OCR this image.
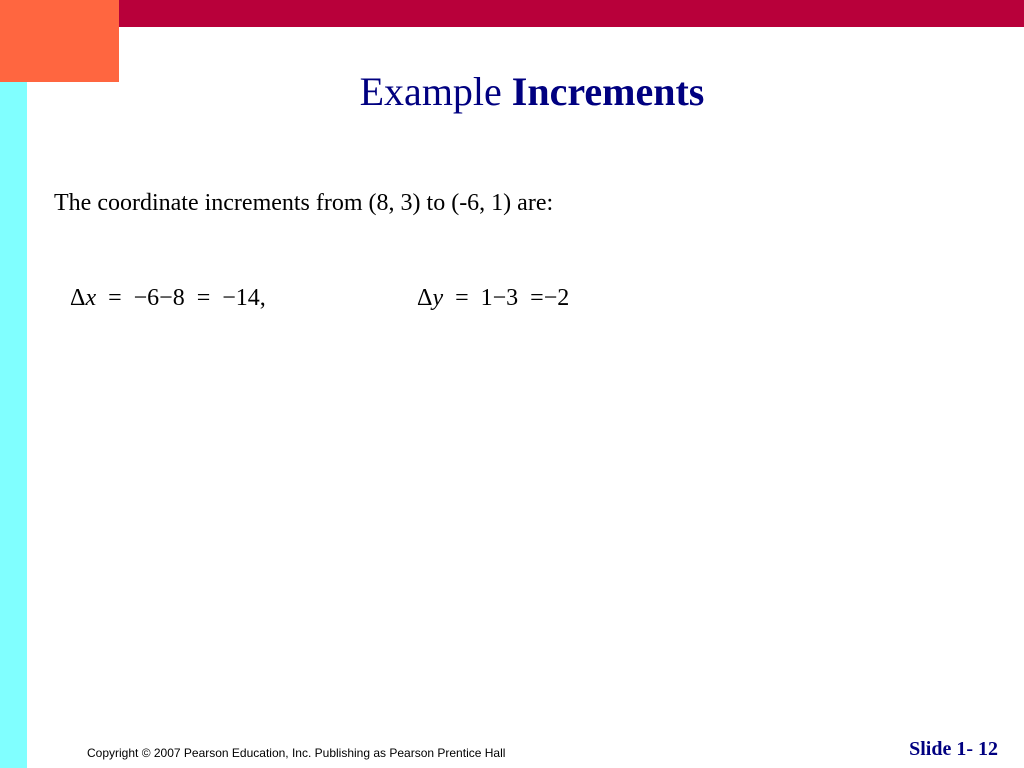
Example Increments
The coordinate increments from (8, 3) to (-6, 1) are:
Δx  =  −6−8  =  −14,	Δy  =  1−3  =−2
Copyright © 2007 Pearson Education, Inc. Publishing as Pearson Prentice Hall	Slide 1- 12
